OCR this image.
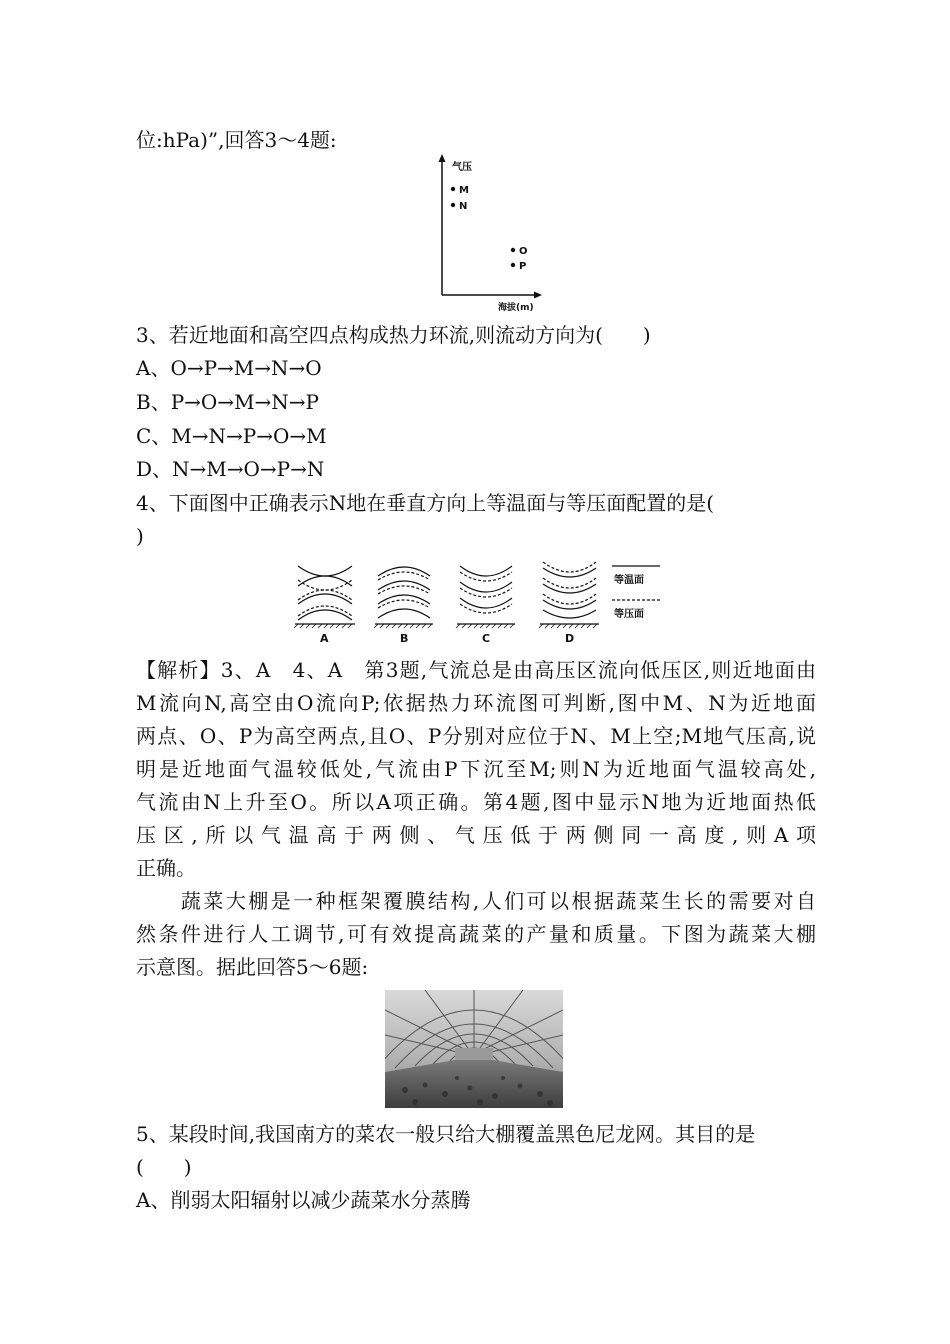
位:hPa)”,回答3～4题:
气压
海拔(m)
M
N
O
P
3、若近地面和高空四点构成热力环流,则流动方向为(　　)
A、O→P→M→N→O
B、P→O→M→N→P
C、M→N→P→O→M
D、N→M→O→P→N
4、下面图中正确表示N地在垂直方向上等温面与等压面配置的是(
)
A	B	C	D
等温面
等压面
【解析】3、A　4、A　第3题,气流总是由高压区流向低压区,则近地面由
M流向N,高空由O流向P;依据热力环流图可判断,图中M、N为近地面
两点、O、P为高空两点,且O、P分别对应位于N、M上空;M地气压高,说
明是近地面气温较低处,气流由P下沉至M;则N为近地面气温较高处,
气流由N上升至O。所以A项正确。第4题,图中显示N地为近地面热低
压区,所以气温高于两侧、气压低于两侧同一高度,则A项
正确。
　　蔬菜大棚是一种框架覆膜结构,人们可以根据蔬菜生长的需要对自
然条件进行人工调节,可有效提高蔬菜的产量和质量。下图为蔬菜大棚
示意图。据此回答5～6题:
5、某段时间,我国南方的菜农一般只给大棚覆盖黑色尼龙网。其目的是
(　　)
A、削弱太阳辐射以减少蔬菜水分蒸腾
